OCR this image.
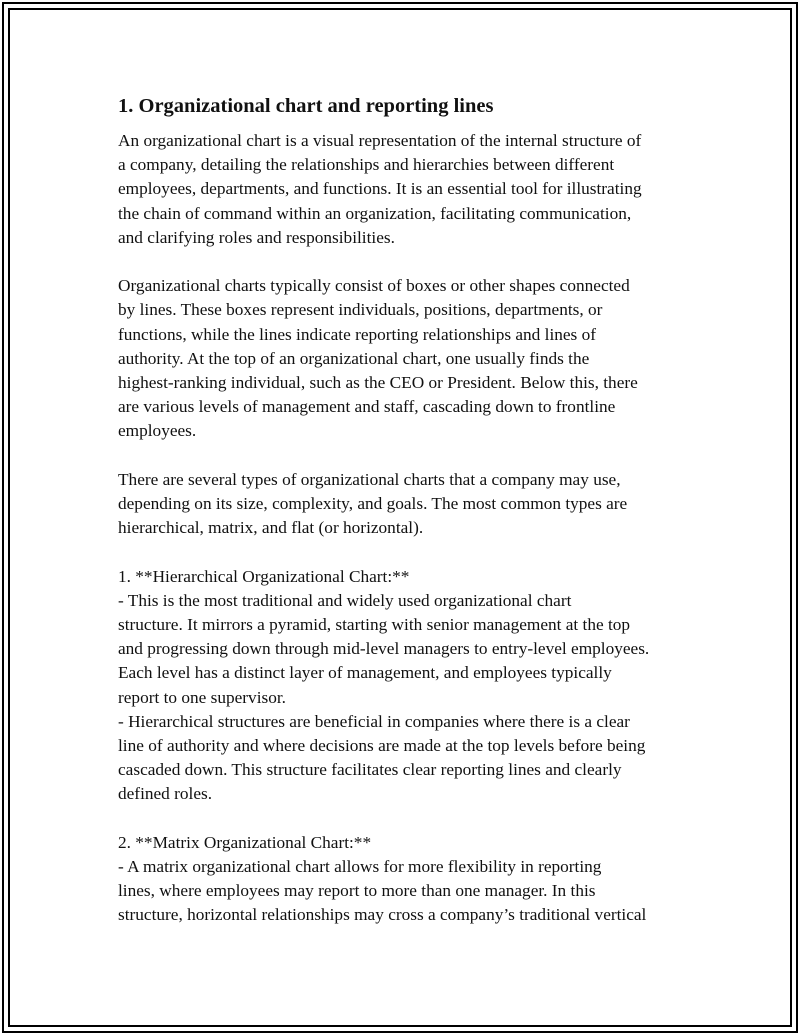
1. Organizational chart and reporting lines

An organizational chart is a visual representation of the internal structure of
a company, detailing the relationships and hierarchies between different
employees, departments, and functions. It is an essential tool for illustrating
the chain of command within an organization, facilitating communication,
and clarifying roles and responsibilities.

Organizational charts typically consist of boxes or other shapes connected
by lines. These boxes represent individuals, positions, departments, or
functions, while the lines indicate reporting relationships and lines of
authority. At the top of an organizational chart, one usually finds the
highest-ranking individual, such as the CEO or President. Below this, there
are various levels of management and staff, cascading down to frontline
employees.

There are several types of organizational charts that a company may use,
depending on its size, complexity, and goals. The most common types are
hierarchical, matrix, and flat (or horizontal).

1. **Hierarchical Organizational Chart:**
- This is the most traditional and widely used organizational chart
structure. It mirrors a pyramid, starting with senior management at the top
and progressing down through mid-level managers to entry-level employees.
Each level has a distinct layer of management, and employees typically
report to one supervisor.
- Hierarchical structures are beneficial in companies where there is a clear
line of authority and where decisions are made at the top levels before being
cascaded down. This structure facilitates clear reporting lines and clearly
defined roles.

2. **Matrix Organizational Chart:**
- A matrix organizational chart allows for more flexibility in reporting
lines, where employees may report to more than one manager. In this
structure, horizontal relationships may cross a company’s traditional vertical
